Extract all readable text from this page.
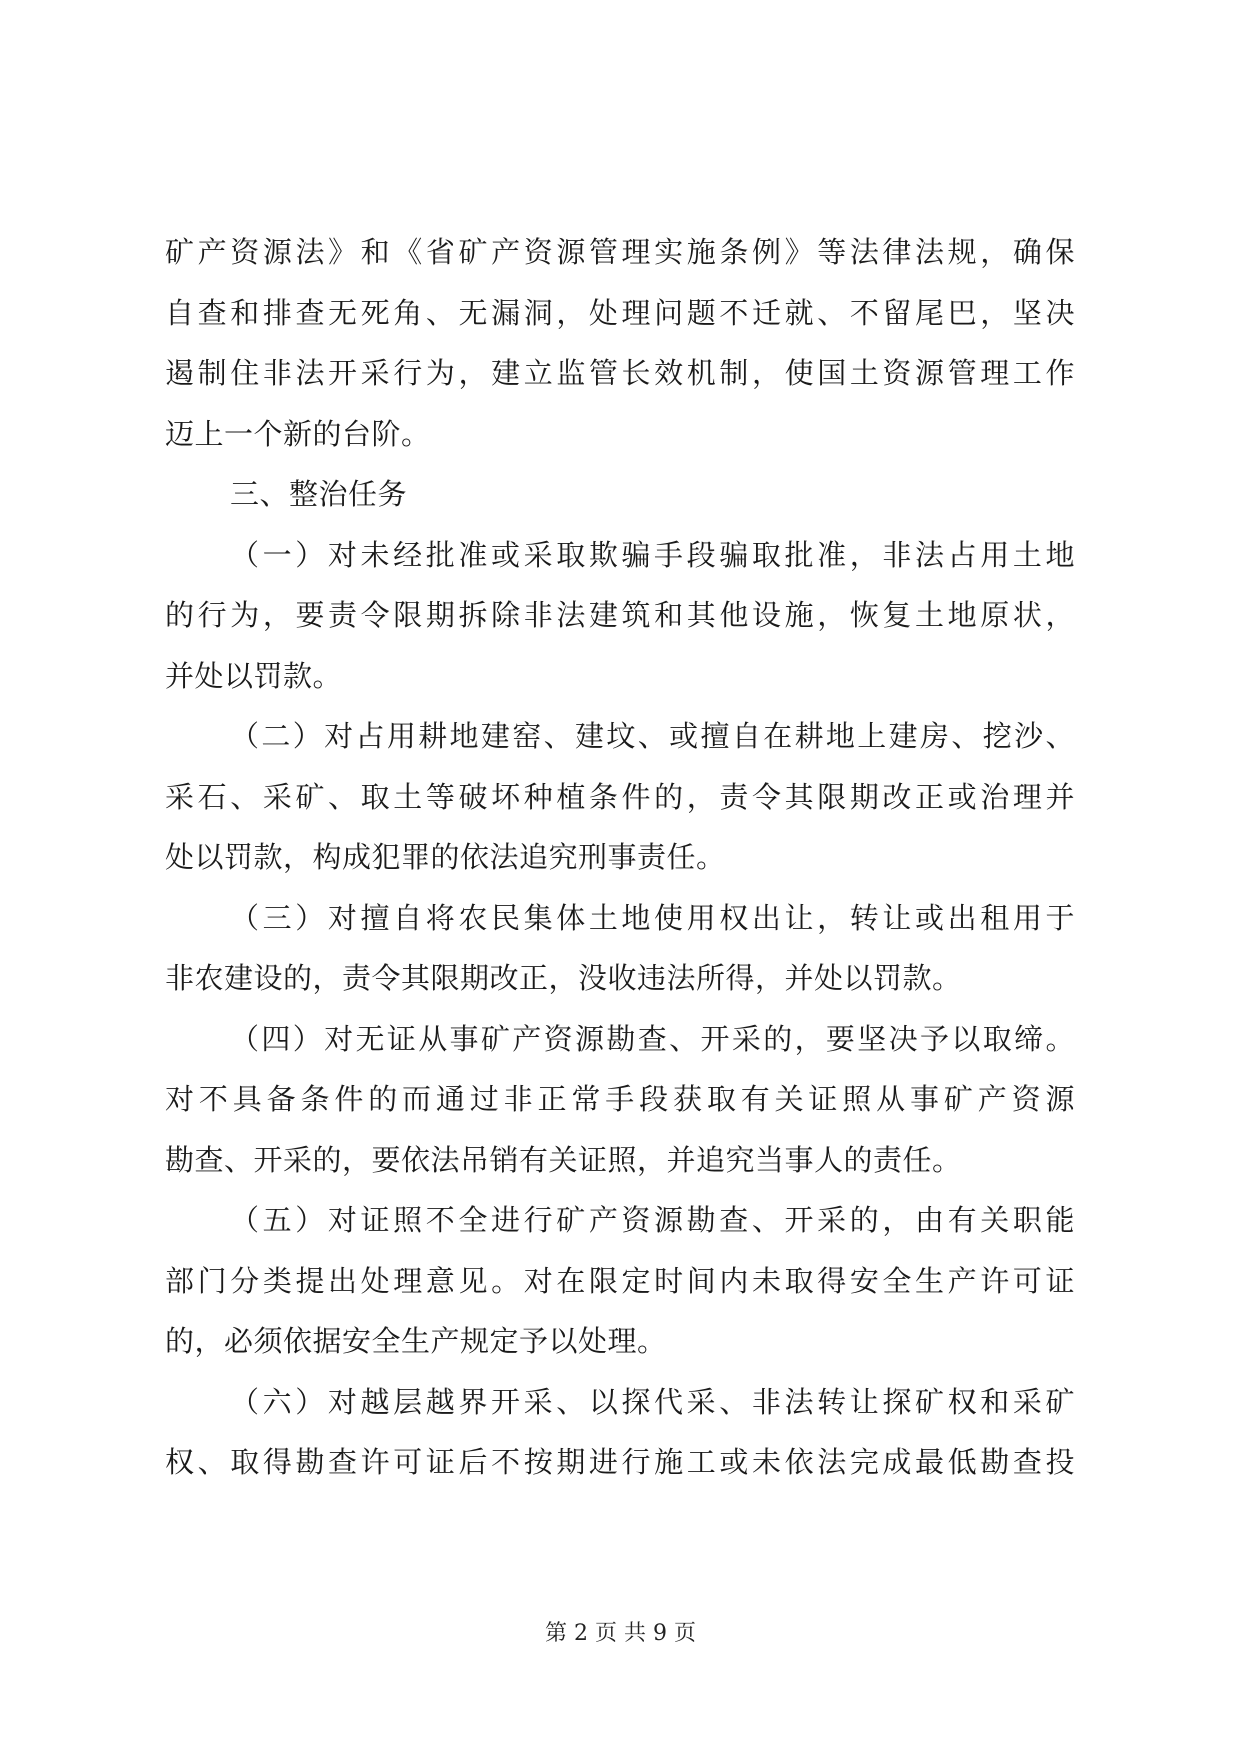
矿产资源法》和《省矿产资源管理实施条例》等法律法规，确保
自查和排查无死角、无漏洞，处理问题不迁就、不留尾巴，坚决
遏制住非法开采行为，建立监管长效机制，使国土资源管理工作
迈上一个新的台阶。
三、整治任务
（一）对未经批准或采取欺骗手段骗取批准，非法占用土地
的行为，要责令限期拆除非法建筑和其他设施，恢复土地原状，
并处以罚款。
（二）对占用耕地建窑、建坟、或擅自在耕地上建房、挖沙、
采石、采矿、取土等破坏种植条件的，责令其限期改正或治理并
处以罚款，构成犯罪的依法追究刑事责任。
（三）对擅自将农民集体土地使用权出让，转让或出租用于
非农建设的，责令其限期改正，没收违法所得，并处以罚款。
（四）对无证从事矿产资源勘查、开采的，要坚决予以取缔。
对不具备条件的而通过非正常手段获取有关证照从事矿产资源
勘查、开采的，要依法吊销有关证照，并追究当事人的责任。
（五）对证照不全进行矿产资源勘查、开采的，由有关职能
部门分类提出处理意见。对在限定时间内未取得安全生产许可证
的，必须依据安全生产规定予以处理。
（六）对越层越界开采、以探代采、非法转让探矿权和采矿
权、取得勘查许可证后不按期进行施工或未依法完成最低勘查投
第 2 页 共 9 页
